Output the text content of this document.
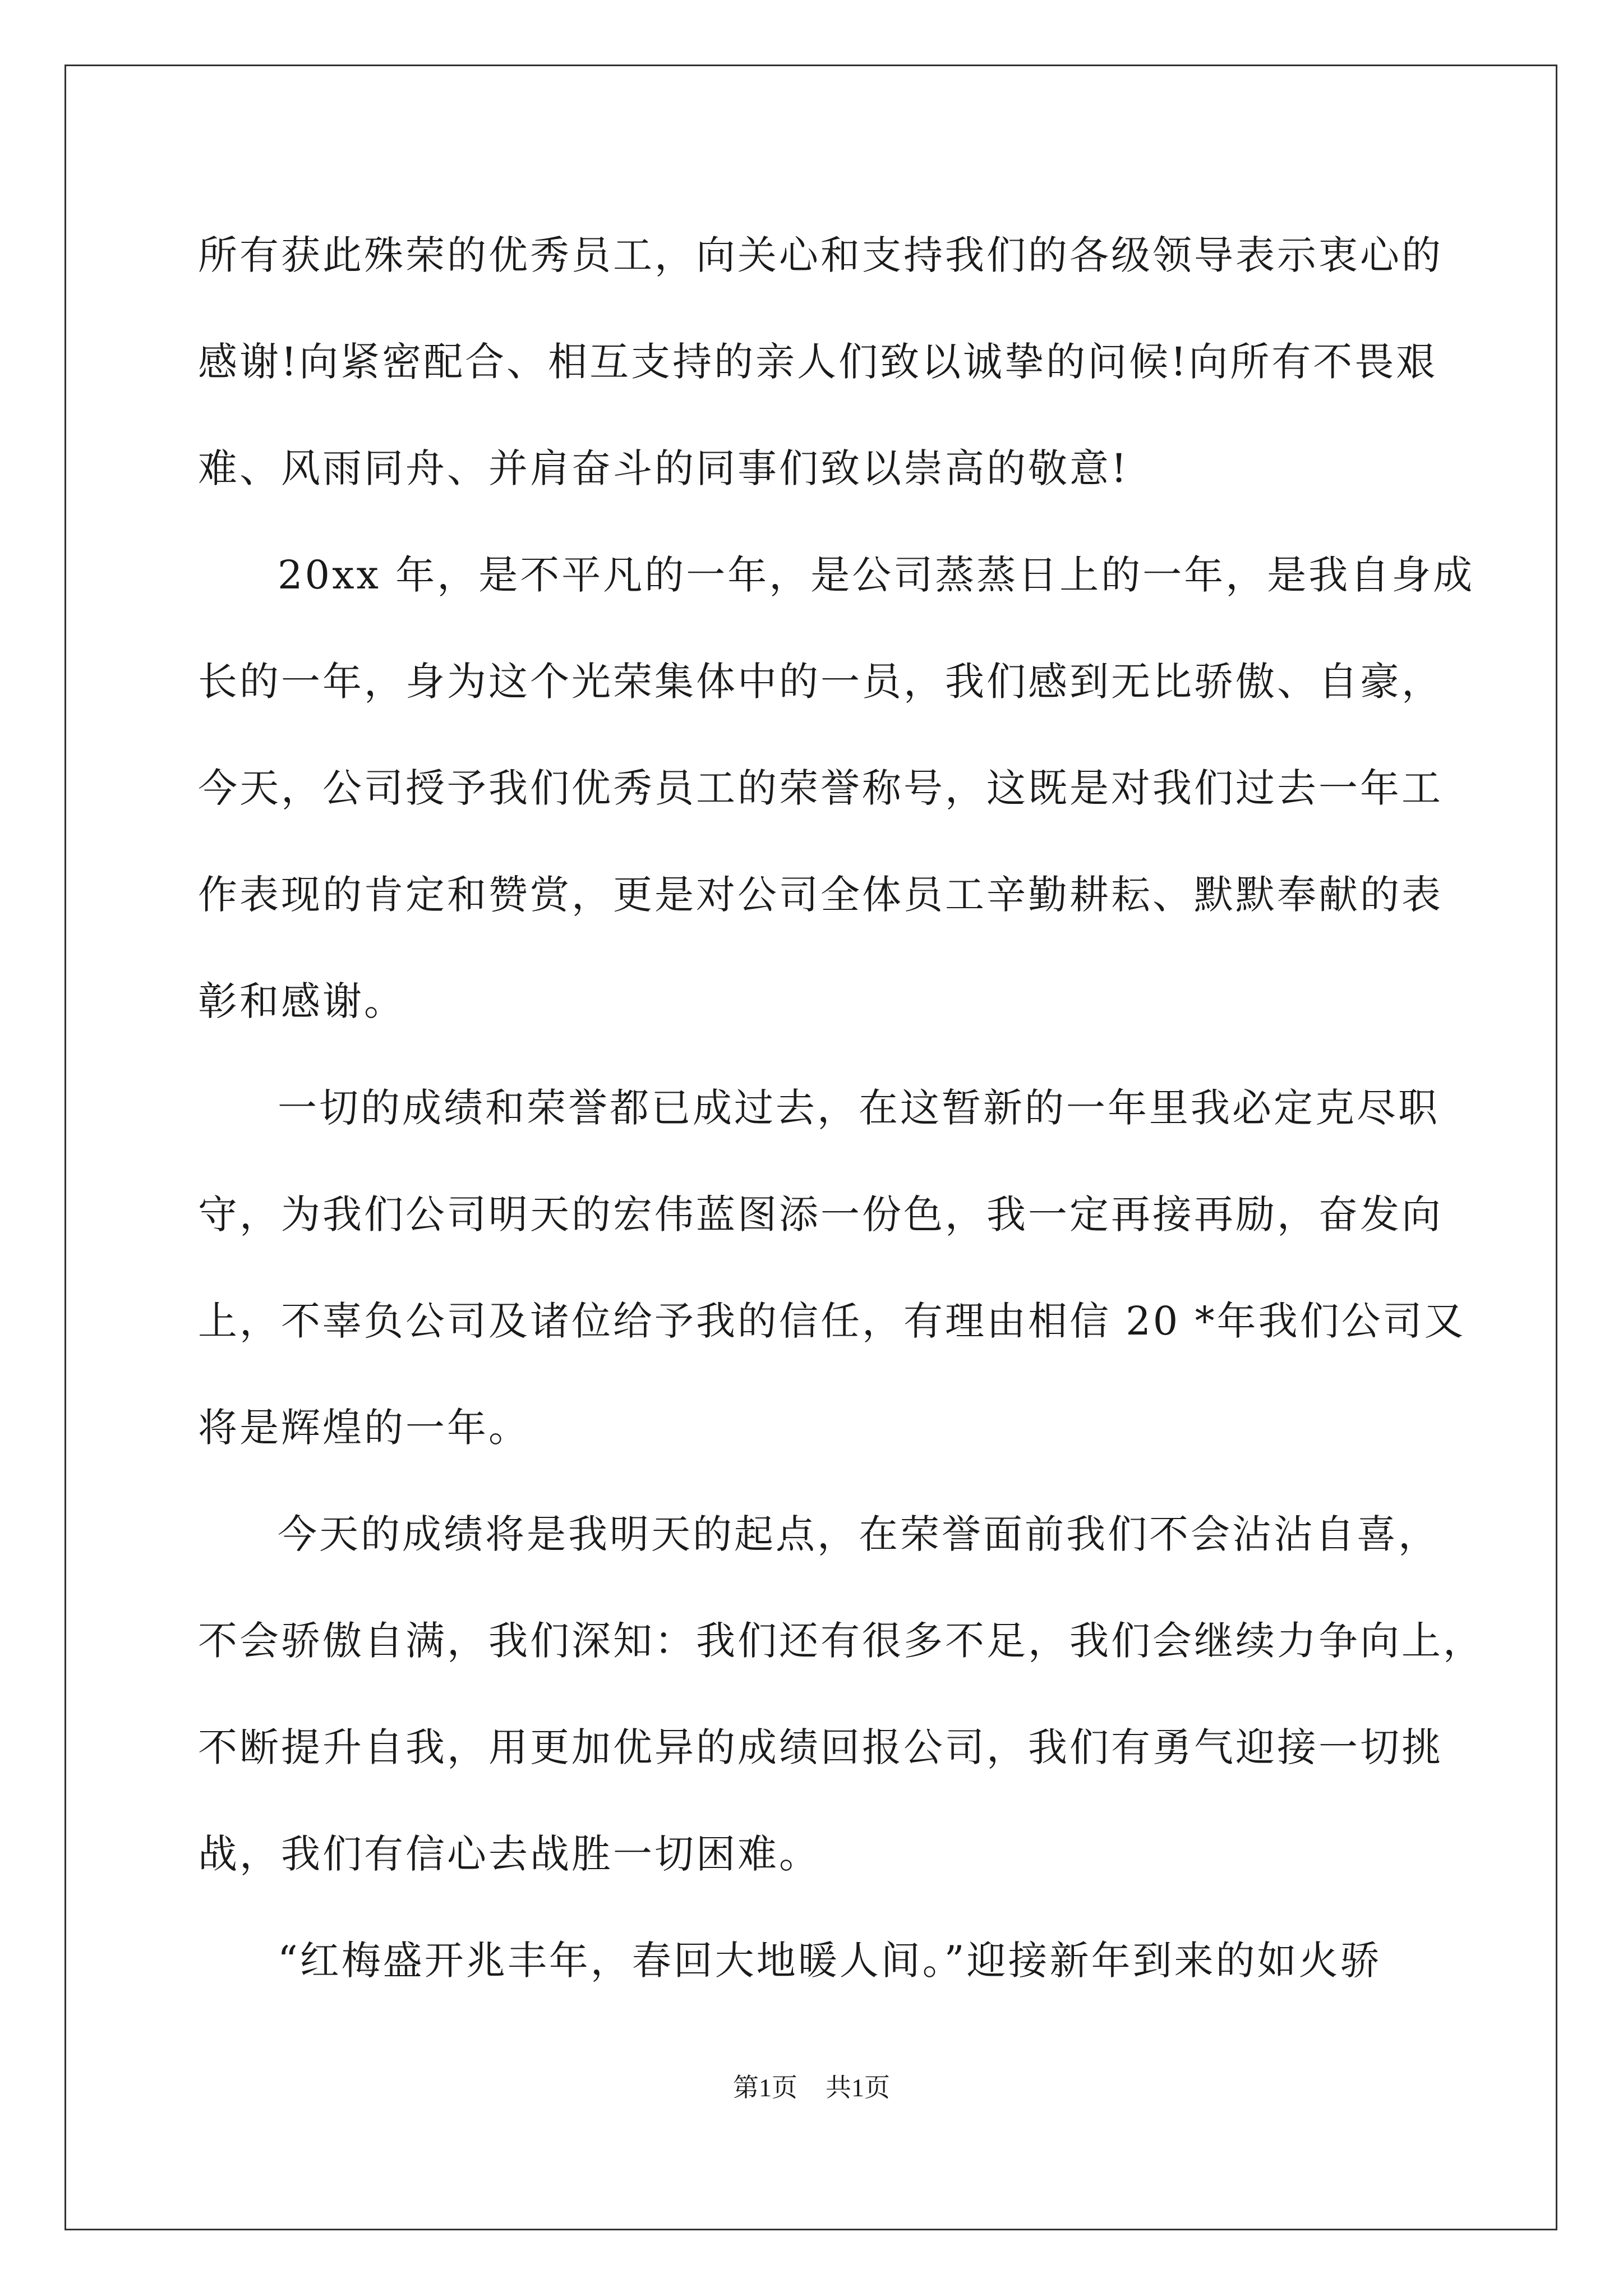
所有获此殊荣的优秀员工，向关心和支持我们的各级领导表示衷心的
感谢!向紧密配合、相互支持的亲人们致以诚挚的问候!向所有不畏艰
难、风雨同舟、并肩奋斗的同事们致以崇高的敬意!

20xx 年，是不平凡的一年，是公司蒸蒸日上的一年，是我自身成
长的一年，身为这个光荣集体中的一员，我们感到无比骄傲、自豪，
今天，公司授予我们优秀员工的荣誉称号，这既是对我们过去一年工
作表现的肯定和赞赏，更是对公司全体员工辛勤耕耘、默默奉献的表
彰和感谢。

一切的成绩和荣誉都已成过去，在这暂新的一年里我必定克尽职
守，为我们公司明天的宏伟蓝图添一份色，我一定再接再励，奋发向
上，不辜负公司及诸位给予我的信任，有理由相信 20 *年我们公司又
将是辉煌的一年。

今天的成绩将是我明天的起点，在荣誉面前我们不会沾沾自喜，
不会骄傲自满，我们深知：我们还有很多不足，我们会继续力争向上，
不断提升自我，用更加优异的成绩回报公司，我们有勇气迎接一切挑
战，我们有信心去战胜一切困难。

“红梅盛开兆丰年，春回大地暖人间。”迎接新年到来的如火骄

第1页 共1页
